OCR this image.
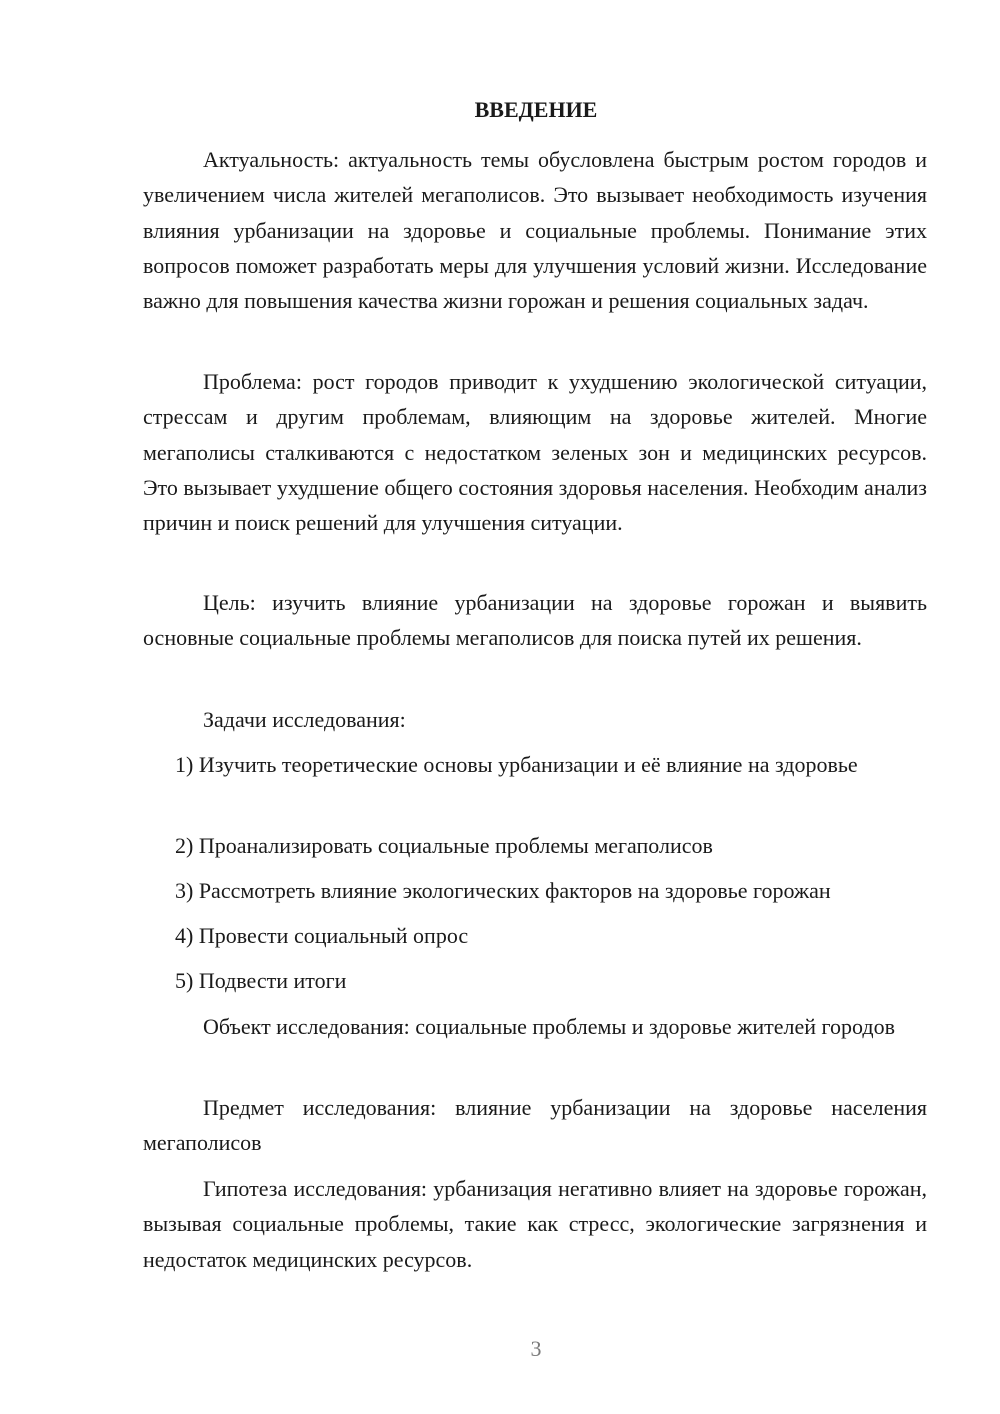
ВВЕДЕНИЕ

Актуальность: актуальность темы обусловлена быстрым ростом городов и увеличением числа жителей мегаполисов. Это вызывает необходимость изучения влияния урбанизации на здоровье и социальные проблемы. Понимание этих вопросов поможет разработать меры для улучшения условий жизни. Исследование важно для повышения качества жизни горожан и решения социальных задач.

Проблема: рост городов приводит к ухудшению экологической ситуации, стрессам и другим проблемам, влияющим на здоровье жителей. Многие мегаполисы сталкиваются с недостатком зеленых зон и медицинских ресурсов. Это вызывает ухудшение общего состояния здоровья населения. Необходим анализ причин и поиск решений для улучшения ситуации.

Цель: изучить влияние урбанизации на здоровье горожан и выявить основные социальные проблемы мегаполисов для поиска путей их решения.

Задачи исследования:

1) Изучить теоретические основы урбанизации и её влияние на здоровье

2) Проанализировать социальные проблемы мегаполисов

3) Рассмотреть влияние экологических факторов на здоровье горожан

4) Провести социальный опрос

5) Подвести итоги

Объект исследования: социальные проблемы и здоровье жителей городов

Предмет исследования: влияние урбанизации на здоровье населения мегаполисов

Гипотеза исследования: урбанизация негативно влияет на здоровье горожан, вызывая социальные проблемы, такие как стресс, экологические загрязнения и недостаток медицинских ресурсов.

3
